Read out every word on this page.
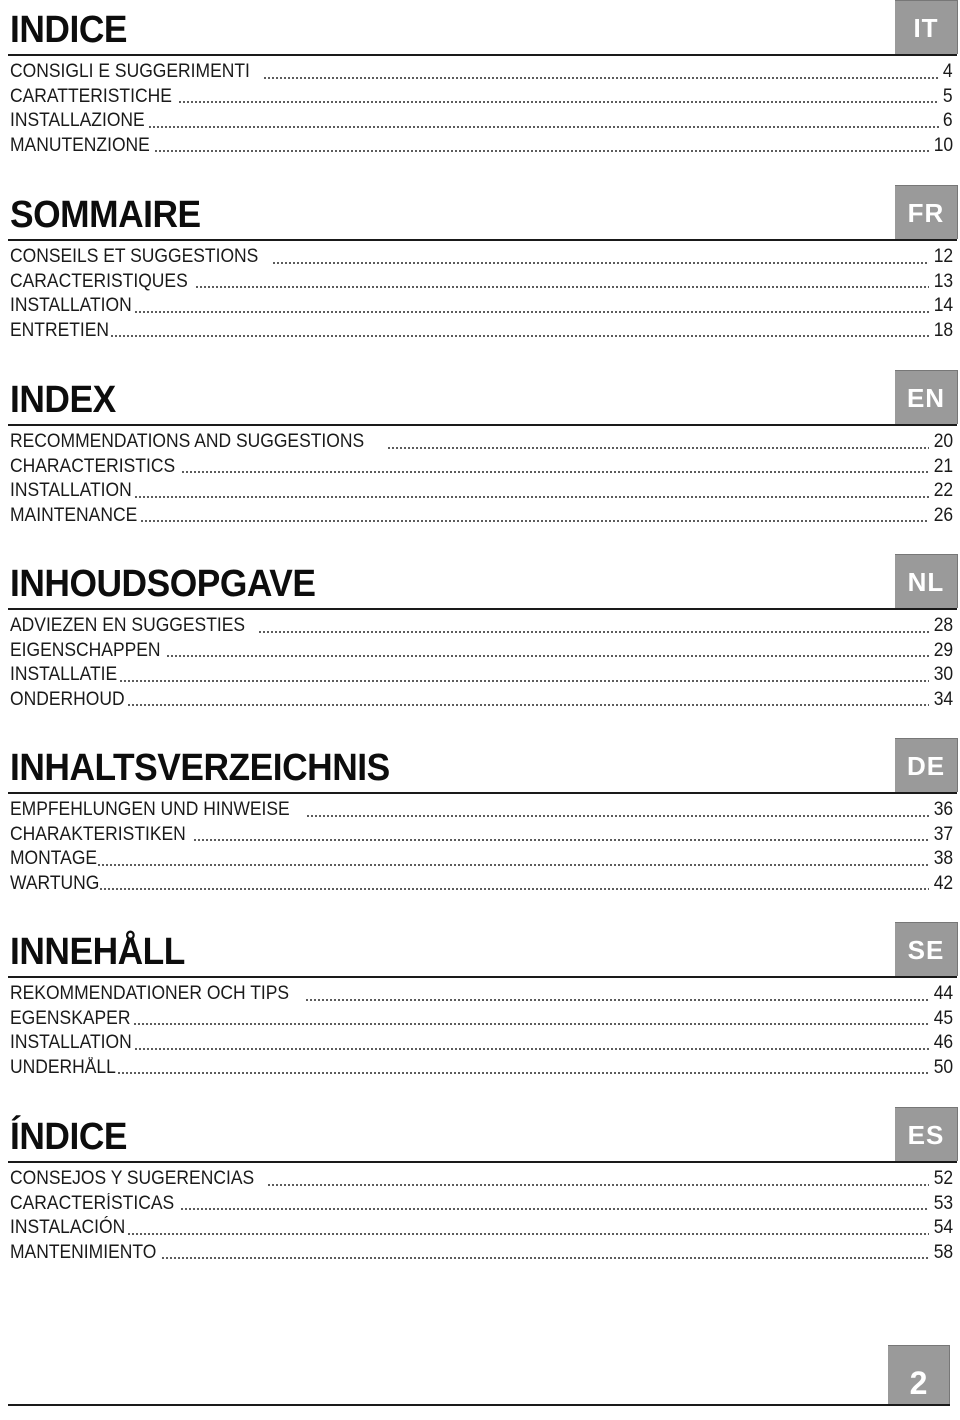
INDICE	IT
CONSIGLI E SUGGERIMENTI	4
CARATTERISTICHE	5
INSTALLAZIONE	6
MANUTENZIONE	10
SOMMAIRE	FR
CONSEILS ET SUGGESTIONS	12
CARACTERISTIQUES	13
INSTALLATION	14
ENTRETIEN	18
INDEX	EN
RECOMMENDATIONS AND SUGGESTIONS	20
CHARACTERISTICS	21
INSTALLATION	22
MAINTENANCE	26
INHOUDSOPGAVE	NL
ADVIEZEN EN SUGGESTIES	28
EIGENSCHAPPEN	29
INSTALLATIE	30
ONDERHOUD	34
INHALTSVERZEICHNIS	DE
EMPFEHLUNGEN UND HINWEISE	36
CHARAKTERISTIKEN	37
MONTAGE	38
WARTUNG	42
INNEHÅLL	SE
REKOMMENDATIONER OCH TIPS	44
EGENSKAPER	45
INSTALLATION	46
UNDERHÅLL	50
ÍNDICE	ES
CONSEJOS Y SUGERENCIAS	52
CARACTERÍSTICAS	53
INSTALACIÓN	54
MANTENIMIENTO	58
2
